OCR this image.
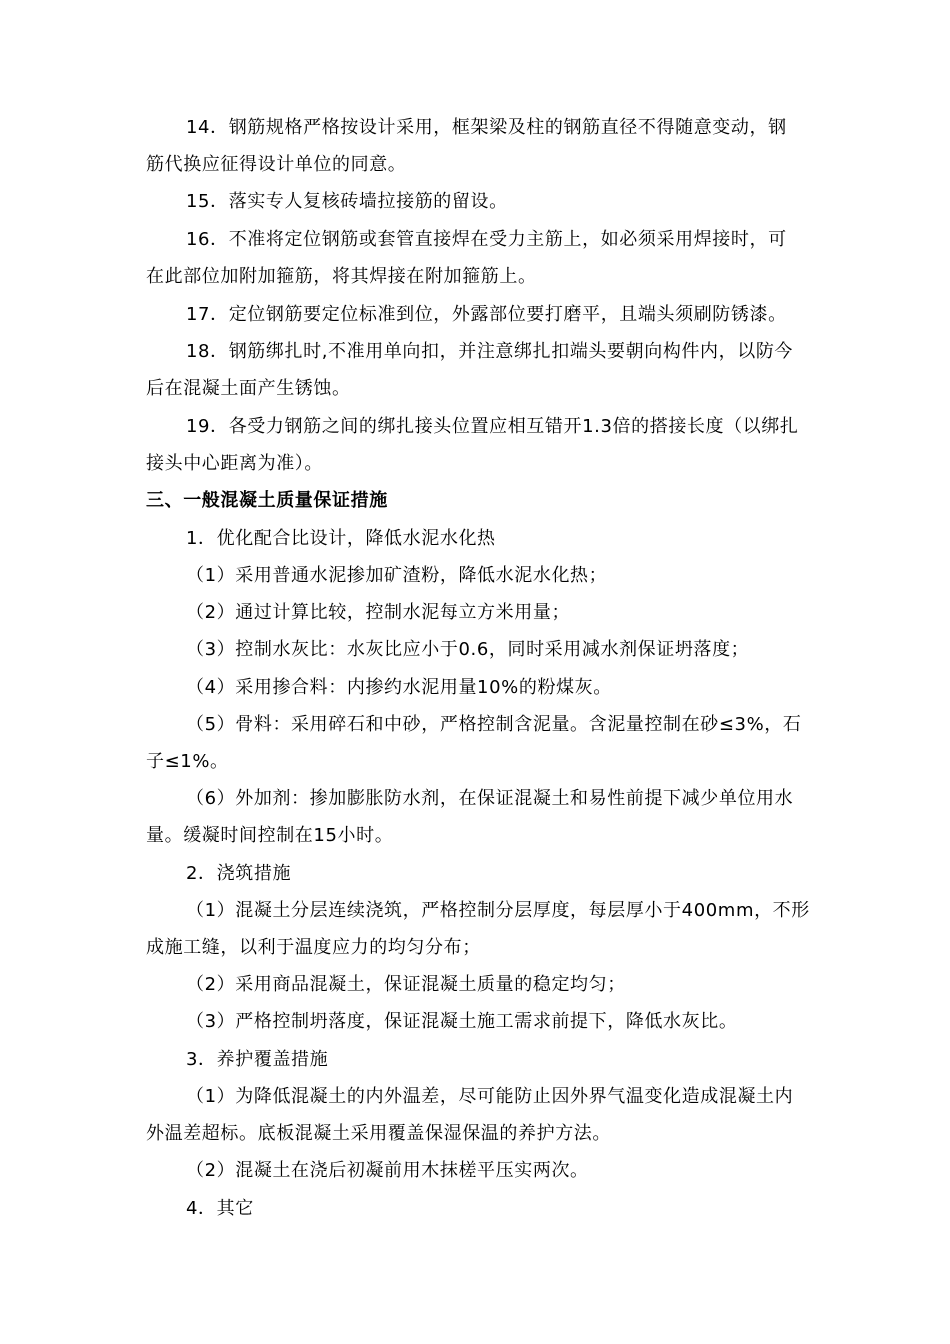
14．钢筋规格严格按设计采用，框架梁及柱的钢筋直径不得随意变动，钢
筋代换应征得设计单位的同意。
15．落实专人复核砖墙拉接筋的留设。
16．不准将定位钢筋或套管直接焊在受力主筋上，如必须采用焊接时，可
在此部位加附加箍筋，将其焊接在附加箍筋上。
17．定位钢筋要定位标准到位，外露部位要打磨平，且端头须刷防锈漆。
18．钢筋绑扎时,不准用单向扣，并注意绑扎扣端头要朝向构件内，以防今
后在混凝土面产生锈蚀。
19．各受力钢筋之间的绑扎接头位置应相互错开1.3倍的搭接长度（以绑扎
接头中心距离为准）。
三、一般混凝土质量保证措施
1．优化配合比设计，降低水泥水化热
（1）采用普通水泥掺加矿渣粉，降低水泥水化热；
（2）通过计算比较，控制水泥每立方米用量；
（3）控制水灰比：水灰比应小于0.6，同时采用减水剂保证坍落度；
（4）采用掺合料：内掺约水泥用量10%的粉煤灰。
（5）骨料：采用碎石和中砂，严格控制含泥量。含泥量控制在砂≤3%，石
子≤1%。
（6）外加剂：掺加膨胀防水剂，在保证混凝土和易性前提下减少单位用水
量。缓凝时间控制在15小时。
2．浇筑措施
（1）混凝土分层连续浇筑，严格控制分层厚度，每层厚小于400mm，不形
成施工缝，以利于温度应力的均匀分布；
（2）采用商品混凝土，保证混凝土质量的稳定均匀；
（3）严格控制坍落度，保证混凝土施工需求前提下，降低水灰比。
3．养护覆盖措施
（1）为降低混凝土的内外温差，尽可能防止因外界气温变化造成混凝土内
外温差超标。底板混凝土采用覆盖保湿保温的养护方法。
（2）混凝土在浇后初凝前用木抹槎平压实两次。
4．其它
